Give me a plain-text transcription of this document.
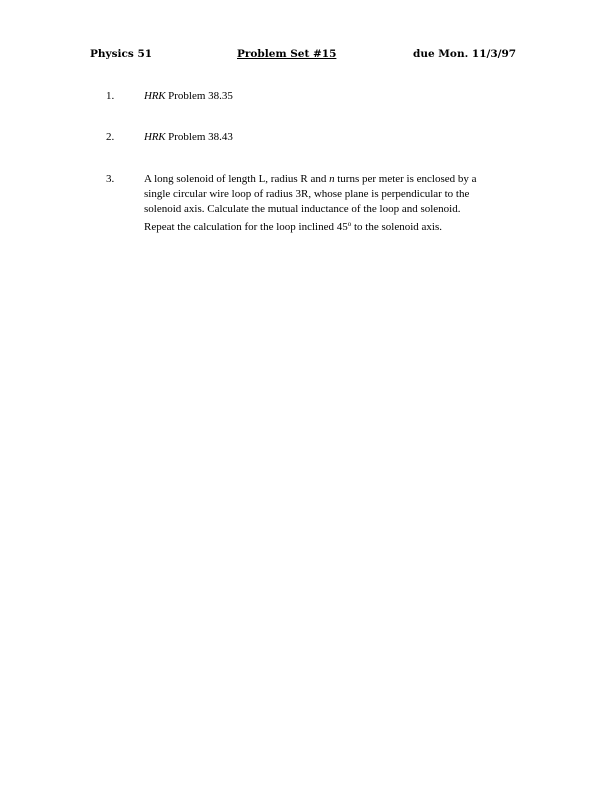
Physics 51	Problem Set #15	due Mon. 11/3/97
1.	HRK Problem 38.35
2.	HRK Problem 38.43
3.	A long solenoid of length L, radius R and n turns per meter is enclosed by a
single circular wire loop of radius 3R, whose plane is perpendicular to the
solenoid axis. Calculate the mutual inductance of the loop and solenoid.
Repeat the calculation for the loop inclined 45$^o$ to the solenoid axis.
